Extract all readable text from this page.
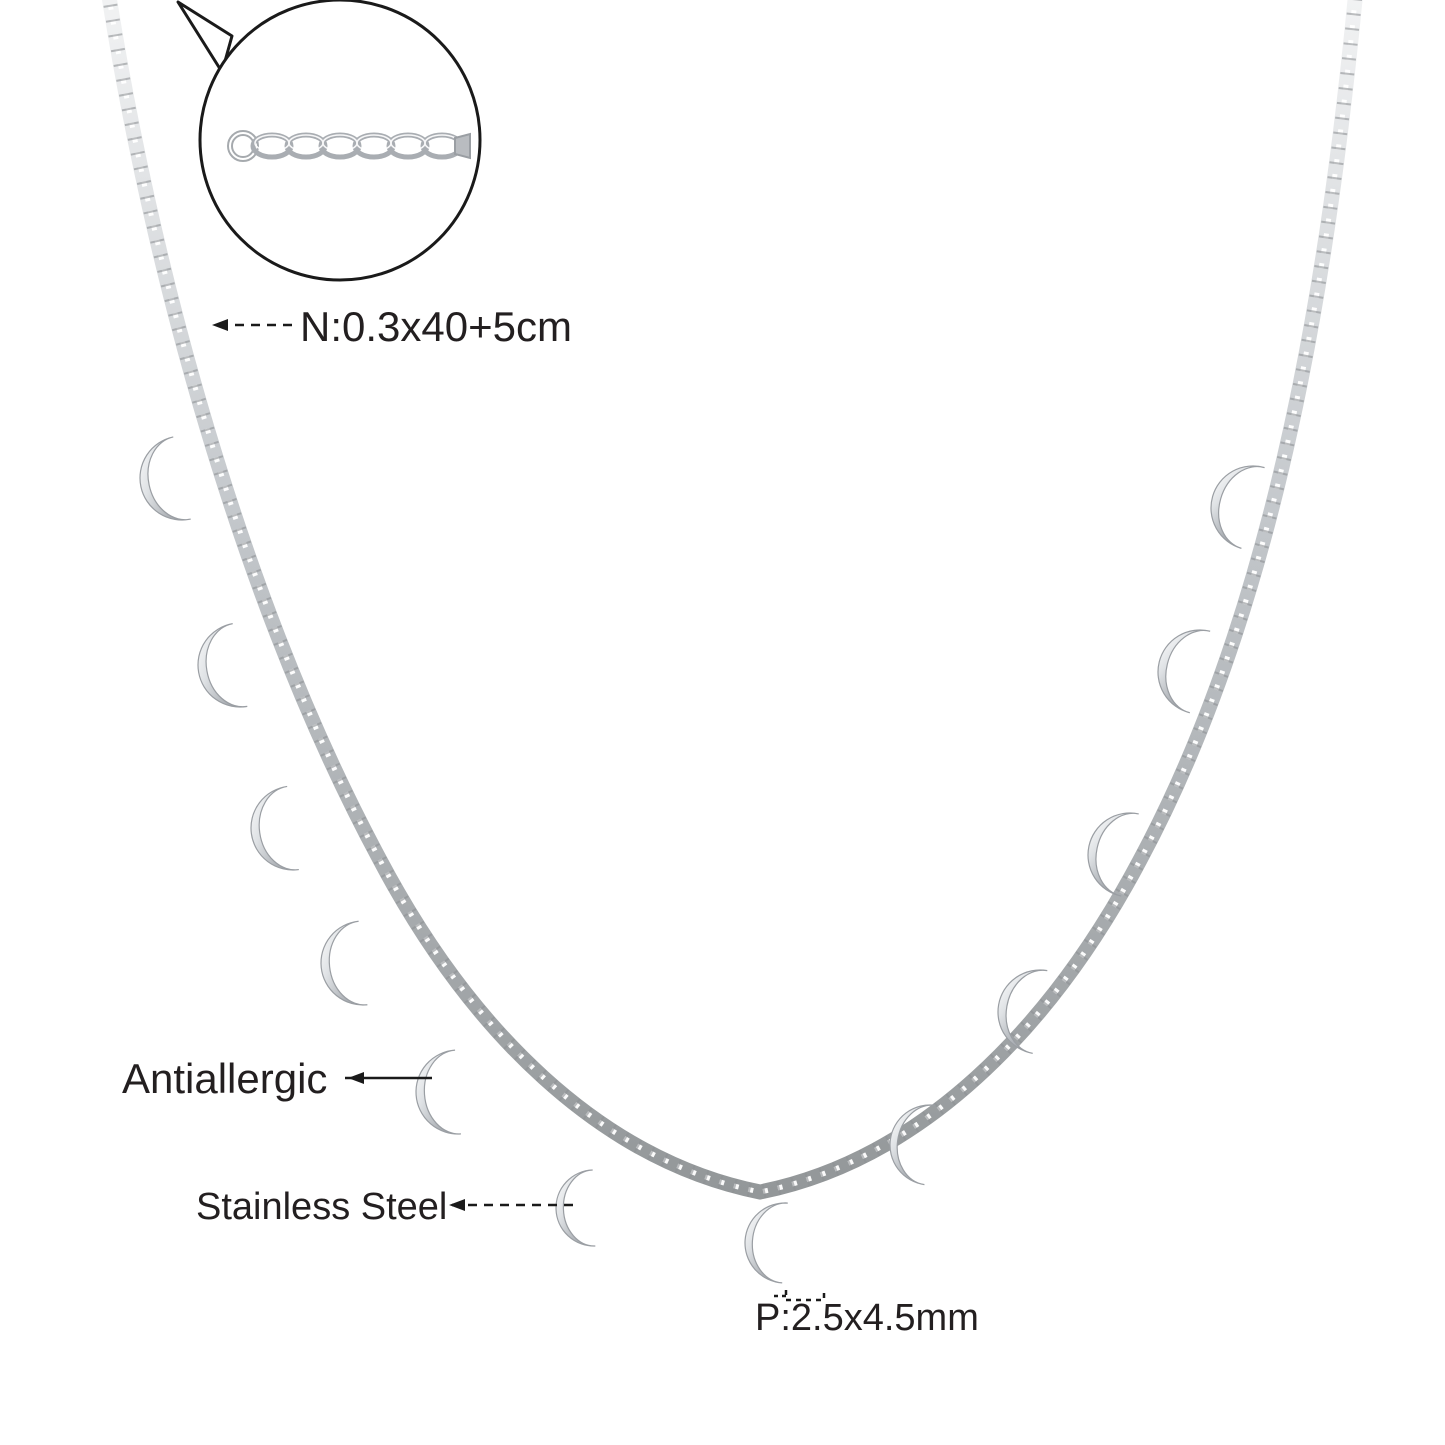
N:0.3x40+5cm
Antiallergic
Stainless Steel
P:2.5x4.5mm
